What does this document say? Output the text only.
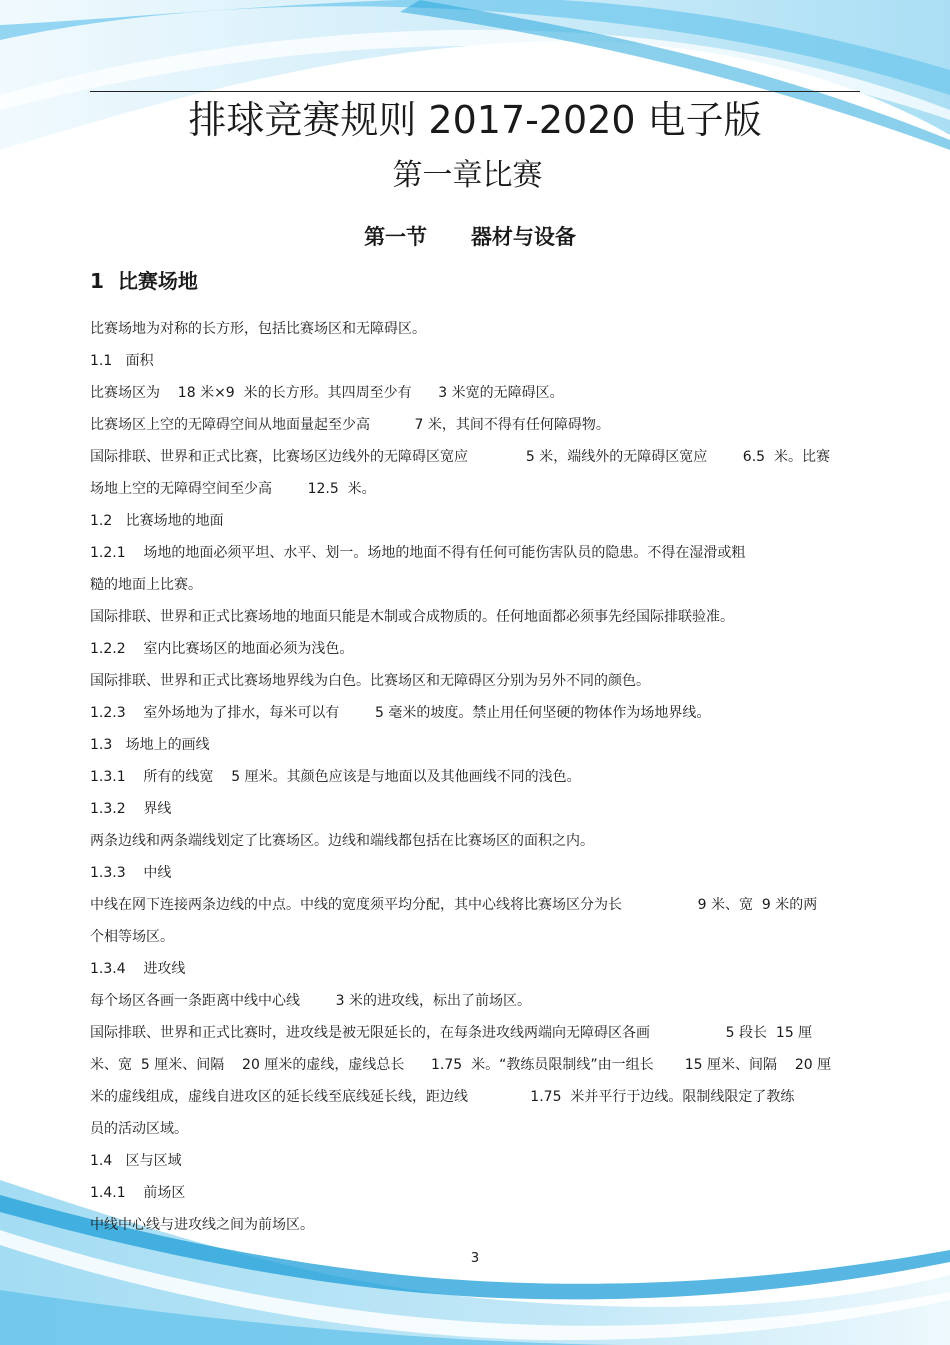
排球竞赛规则 2017-2020 电子版
第一章比赛
第一节      器材与设备
1  比赛场地
比赛场地为对称的长方形，包括比赛场区和无障碍区。
1.1   面积
比赛场区为    18 米×9  米的长方形。其四周至少有      3 米宽的无障碍区。
比赛场区上空的无障碍空间从地面量起至少高          7 米，其间不得有任何障碍物。
国际排联、世界和正式比赛，比赛场区边线外的无障碍区宽应             5 米，端线外的无障碍区宽应        6.5  米。比赛
场地上空的无障碍空间至少高        12.5  米。
1.2   比赛场地的地面
1.2.1    场地的地面必须平坦、水平、划一。场地的地面不得有任何可能伤害队员的隐患。不得在湿滑或粗
糙的地面上比赛。
国际排联、世界和正式比赛场地的地面只能是木制或合成物质的。任何地面都必须事先经国际排联验准。
1.2.2    室内比赛场区的地面必须为浅色。
国际排联、世界和正式比赛场地界线为白色。比赛场区和无障碍区分别为另外不同的颜色。
1.2.3    室外场地为了排水，每米可以有        5 毫米的坡度。禁止用任何坚硬的物体作为场地界线。
1.3   场地上的画线
1.3.1    所有的线宽    5 厘米。其颜色应该是与地面以及其他画线不同的浅色。
1.3.2    界线
两条边线和两条端线划定了比赛场区。边线和端线都包括在比赛场区的面积之内。
1.3.3    中线
中线在网下连接两条边线的中点。中线的宽度须平均分配，其中心线将比赛场区分为长                 9 米、宽  9 米的两
个相等场区。
1.3.4    进攻线
每个场区各画一条距离中线中心线        3 米的进攻线，标出了前场区。
国际排联、世界和正式比赛时，进攻线是被无限延长的，在每条进攻线两端向无障碍区各画                 5 段长  15 厘
米、宽  5 厘米、间隔    20 厘米的虚线，虚线总长      1.75  米。“教练员限制线”由一组长       15 厘米、间隔    20 厘
米的虚线组成，虚线自进攻区的延长线至底线延长线，距边线              1.75  米并平行于边线。限制线限定了教练
员的活动区域。
1.4   区与区域
1.4.1    前场区
中线中心线与进攻线之间为前场区。
3
